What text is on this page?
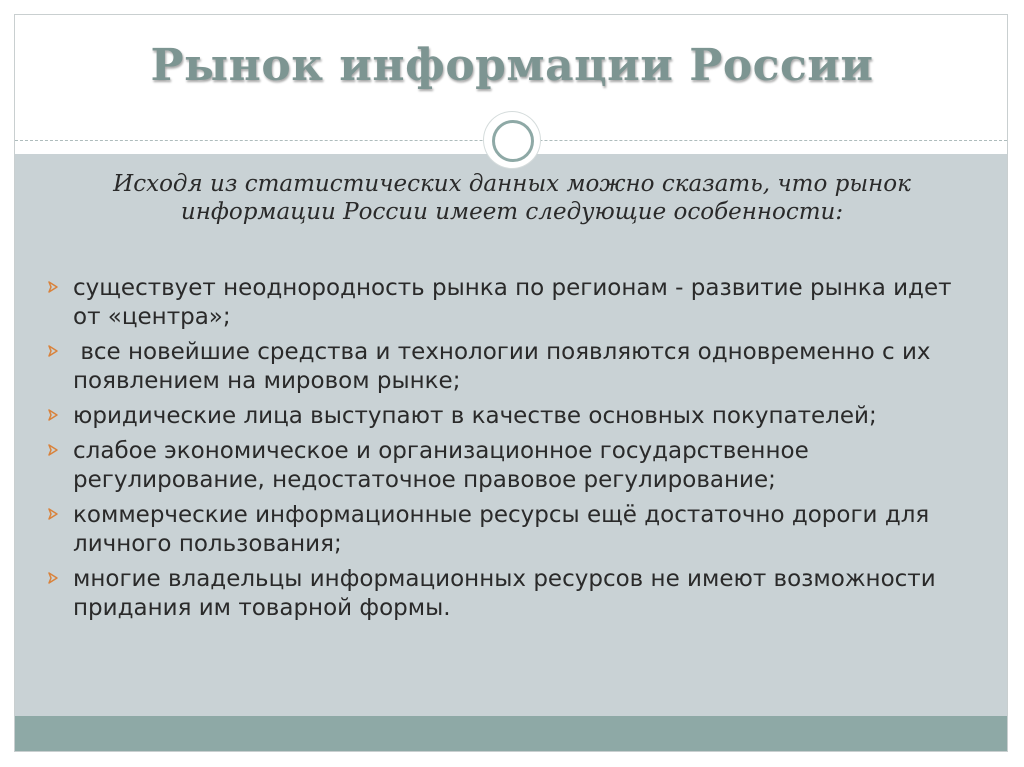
Рынок информации России

Исходя из статистических данных можно сказать, что рынок информации России имеет следующие особенности:

существует неоднородность рынка по регионам - развитие рынка идет от «центра»;
все новейшие средства и технологии появляются одновременно с их появлением на мировом рынке;
юридические лица выступают в качестве основных покупателей;
слабое экономическое и организационное государственное регулирование, недостаточное правовое регулирование;
коммерческие информационные ресурсы ещё достаточно дороги для личного пользования;
многие владельцы информационных ресурсов не имеют возможности придания им товарной формы.
